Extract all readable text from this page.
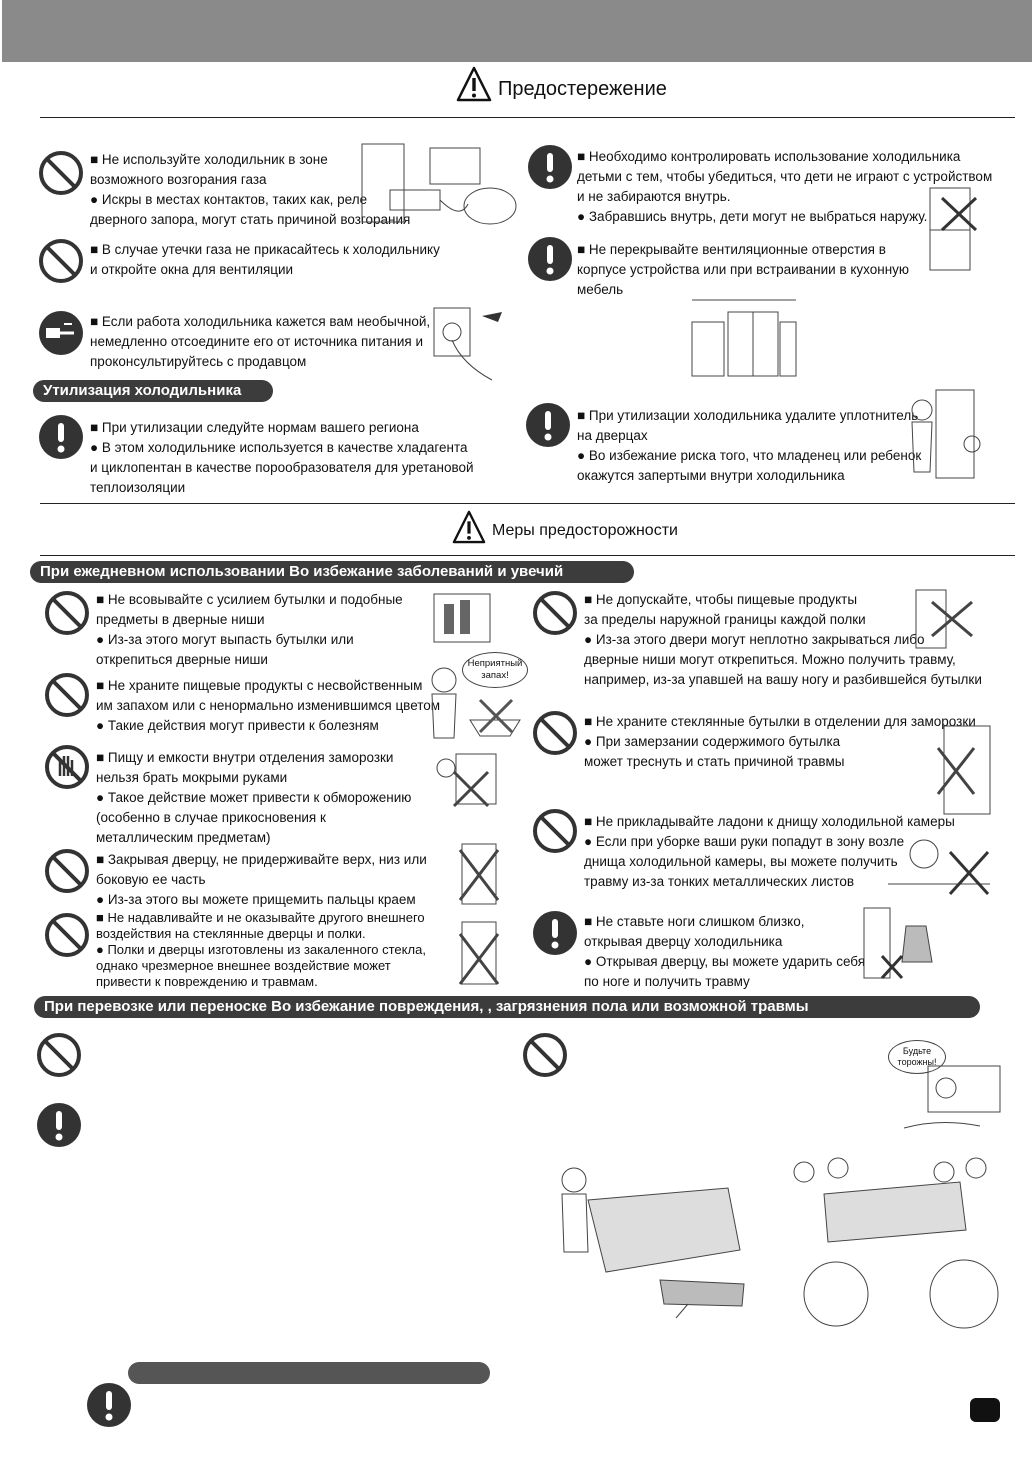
Предостережение
■ Не используйте холодильник в зоне
возможного возгорания газа
● Искры в местах контактов, таких как, реле
дверного запора, могут стать причиной возгорания
■ В случае утечки газа не прикасайтесь к холодильнику
и откройте окна для вентиляции
■ Если работа холодильника кажется вам необычной,
немедленно отсоедините его от источника питания и
проконсультируйтесь с продавцом
Утилизация холодильника
■ При утилизации следуйте нормам вашего региона
● В этом холодильнике используется в качестве хладагента
и циклопентан в качестве порообразователя для уретановой
теплоизоляции
■ Необходимо контролировать использование холодильника
детьми с тем, чтобы убедиться, что дети не играют с устройством
и не забираются внутрь.
● Забравшись внутрь, дети могут не выбраться наружу.
■ Не перекрывайте вентиляционные отверстия в
корпусе устройства или при встраивании в кухонную
мебель
■ При утилизации холодильника удалите уплотнитель
на дверцах
● Во избежание риска того, что младенец или ребенок
окажутся запертыми внутри холодильника
Меры предосторожности
При ежедневном использовании Во избежание заболеваний и увечий
■ Не всовывайте с усилием бутылки и подобные
предметы в дверные ниши
● Из-за этого могут выпасть бутылки или
открепиться дверные ниши
■ Не храните пищевые продукты с несвойственным
им запахом или с ненормально изменившимся цветом
● Такие действия могут привести к болезням
Неприятный
запах!
■ Пищу и емкости внутри отделения заморозки
нельзя брать мокрыми руками
● Такое действие может привести к обморожению
(особенно в случае прикосновения к
металлическим предметам)
■ Закрывая дверцу, не придерживайте верх, низ или
боковую ее часть
● Из-за этого вы можете прищемить пальцы краем
■ Не надавливайте и не оказывайте другого внешнего
воздействия на стеклянные дверцы и полки.
● Полки и дверцы изготовлены из закаленного стекла,
однако чрезмерное внешнее воздействие может
привести к повреждению и травмам.
■ Не допускайте, чтобы пищевые продукты
за пределы наружной границы каждой полки
● Из-за этого двери могут неплотно закрываться либо
дверные ниши могут открепиться. Можно получить травму,
например, из-за упавшей на вашу ногу и разбившейся бутылки
■ Не храните стеклянные бутылки в отделении для заморозки
● При замерзании содержимого бутылка
может треснуть и стать причиной травмы
■ Не прикладывайте ладони к днищу холодильной камеры
● Если при уборке ваши руки попадут в зону возле
днища холодильной камеры, вы можете получить
травму из-за тонких металлических листов
■ Не ставьте ноги слишком близко,
открывая дверцу холодильника
● Открывая дверцу, вы можете ударить себя
по ноге и получить травму
При перевозке или переноске Во избежание повреждения, , загрязнения пола или возможной травмы
Будьте
торожны!
